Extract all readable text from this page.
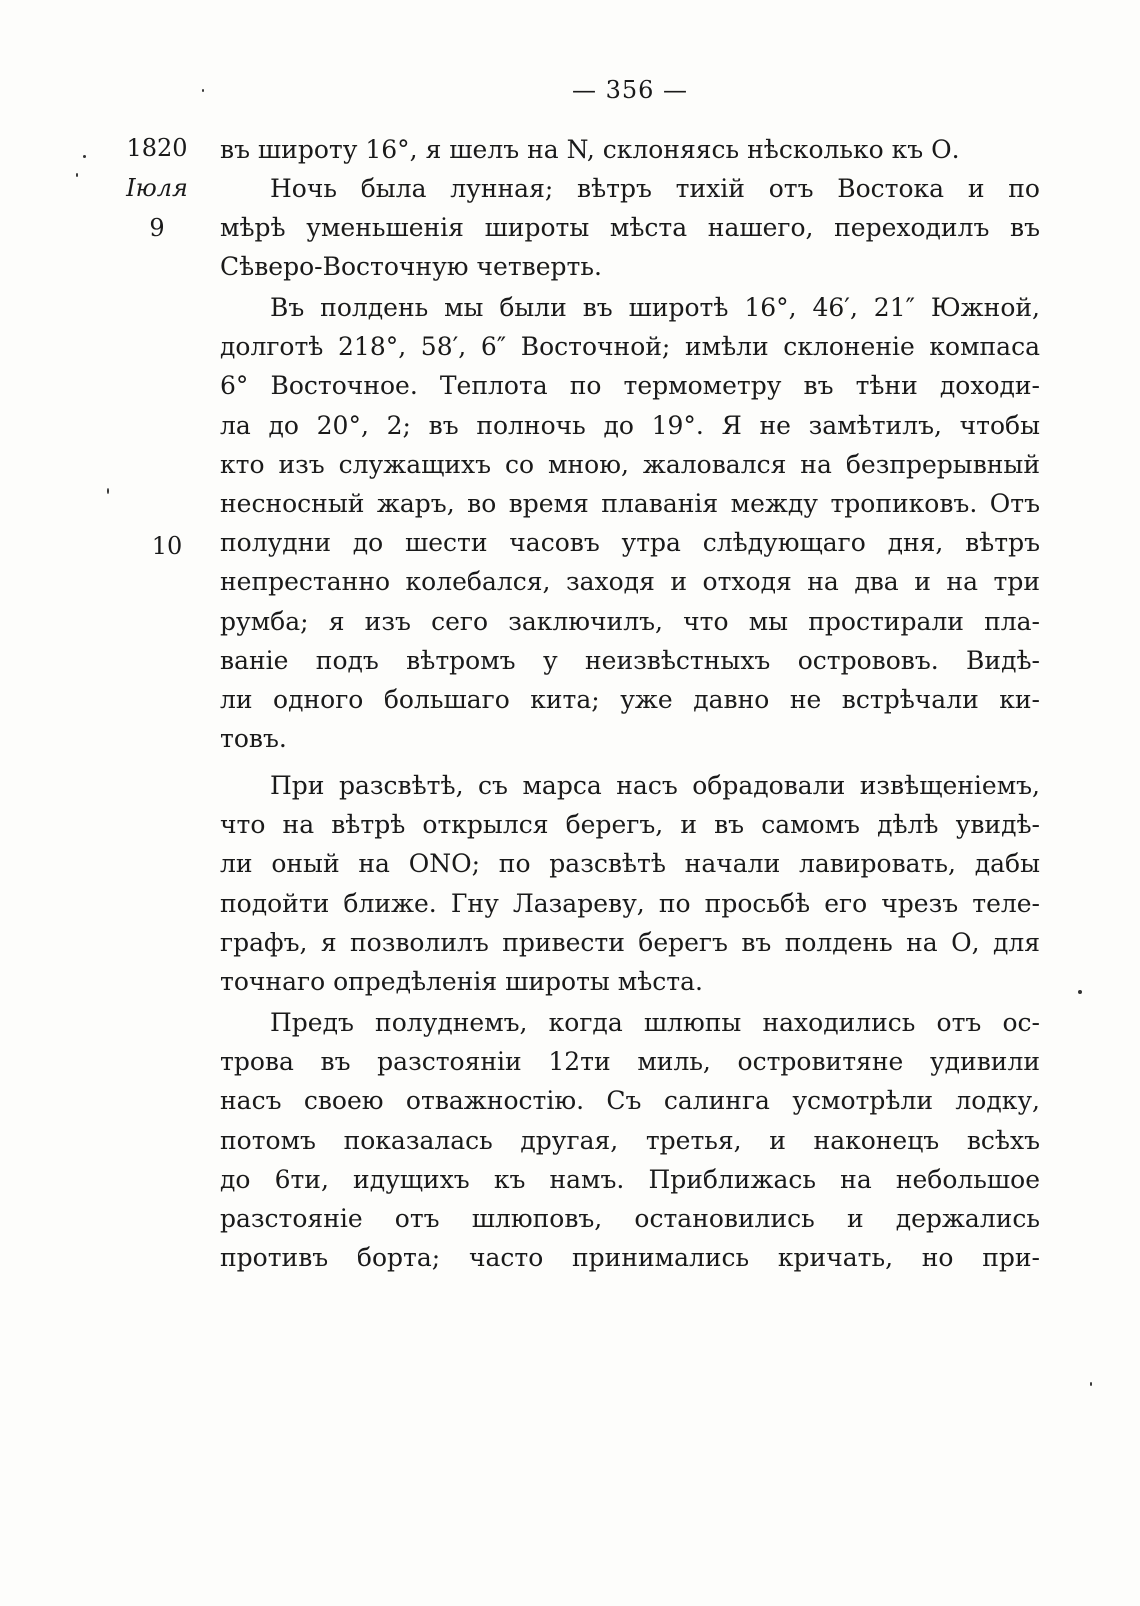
— 356 —
1820
Іюля
9
10
въ широту 16°, я шелъ на N, склоняясь нѣсколько къ О.
Ночь была лунная; вѣтръ тихій отъ Востока и по
мѣрѣ уменьшенія широты мѣста нашего, переходилъ въ
Сѣверо-Восточную четверть.
Въ полдень мы были въ широтѣ 16°, 46′, 21″ Южной,
долготѣ 218°, 58′, 6″ Восточной; имѣли склоненіе компаса
6° Восточное. Теплота по термометру въ тѣни доходи-
ла до 20°, 2; въ полночь до 19°. Я не замѣтилъ, чтобы
кто изъ служащихъ со мною, жаловался на безпрерывный
несносный жаръ, во время плаванія между тропиковъ. Отъ
полудни до шести часовъ утра слѣдующаго дня, вѣтръ
непрестанно колебался, заходя и отходя на два и на три
румба; я изъ сего заключилъ, что мы простирали пла-
ваніе подъ вѣтромъ у неизвѣстныхъ острововъ. Видѣ-
ли одного большаго кита; уже давно не встрѣчали ки-
товъ.
При разсвѣтѣ, съ марса насъ обрадовали извѣщеніемъ,
что на вѣтрѣ открылся берегъ, и въ самомъ дѣлѣ увидѣ-
ли оный на ONO; по разсвѣтѣ начали лавировать, дабы
подойти ближе. Гну Лазареву, по просьбѣ его чрезъ теле-
графъ, я позволилъ привести берегъ въ полдень на О, для
точнаго опредѣленія широты мѣста.
Предъ полуднемъ, когда шлюпы находились отъ ос-
трова въ разстояніи 12ти миль, островитяне удивили
насъ своею отважностію. Съ салинга усмотрѣли лодку,
потомъ показалась другая, третья, и наконецъ всѣхъ
до 6ти, идущихъ къ намъ. Приближась на небольшое
разстояніе отъ шлюповъ, остановились и держались
противъ борта; часто принимались кричать, но при-
